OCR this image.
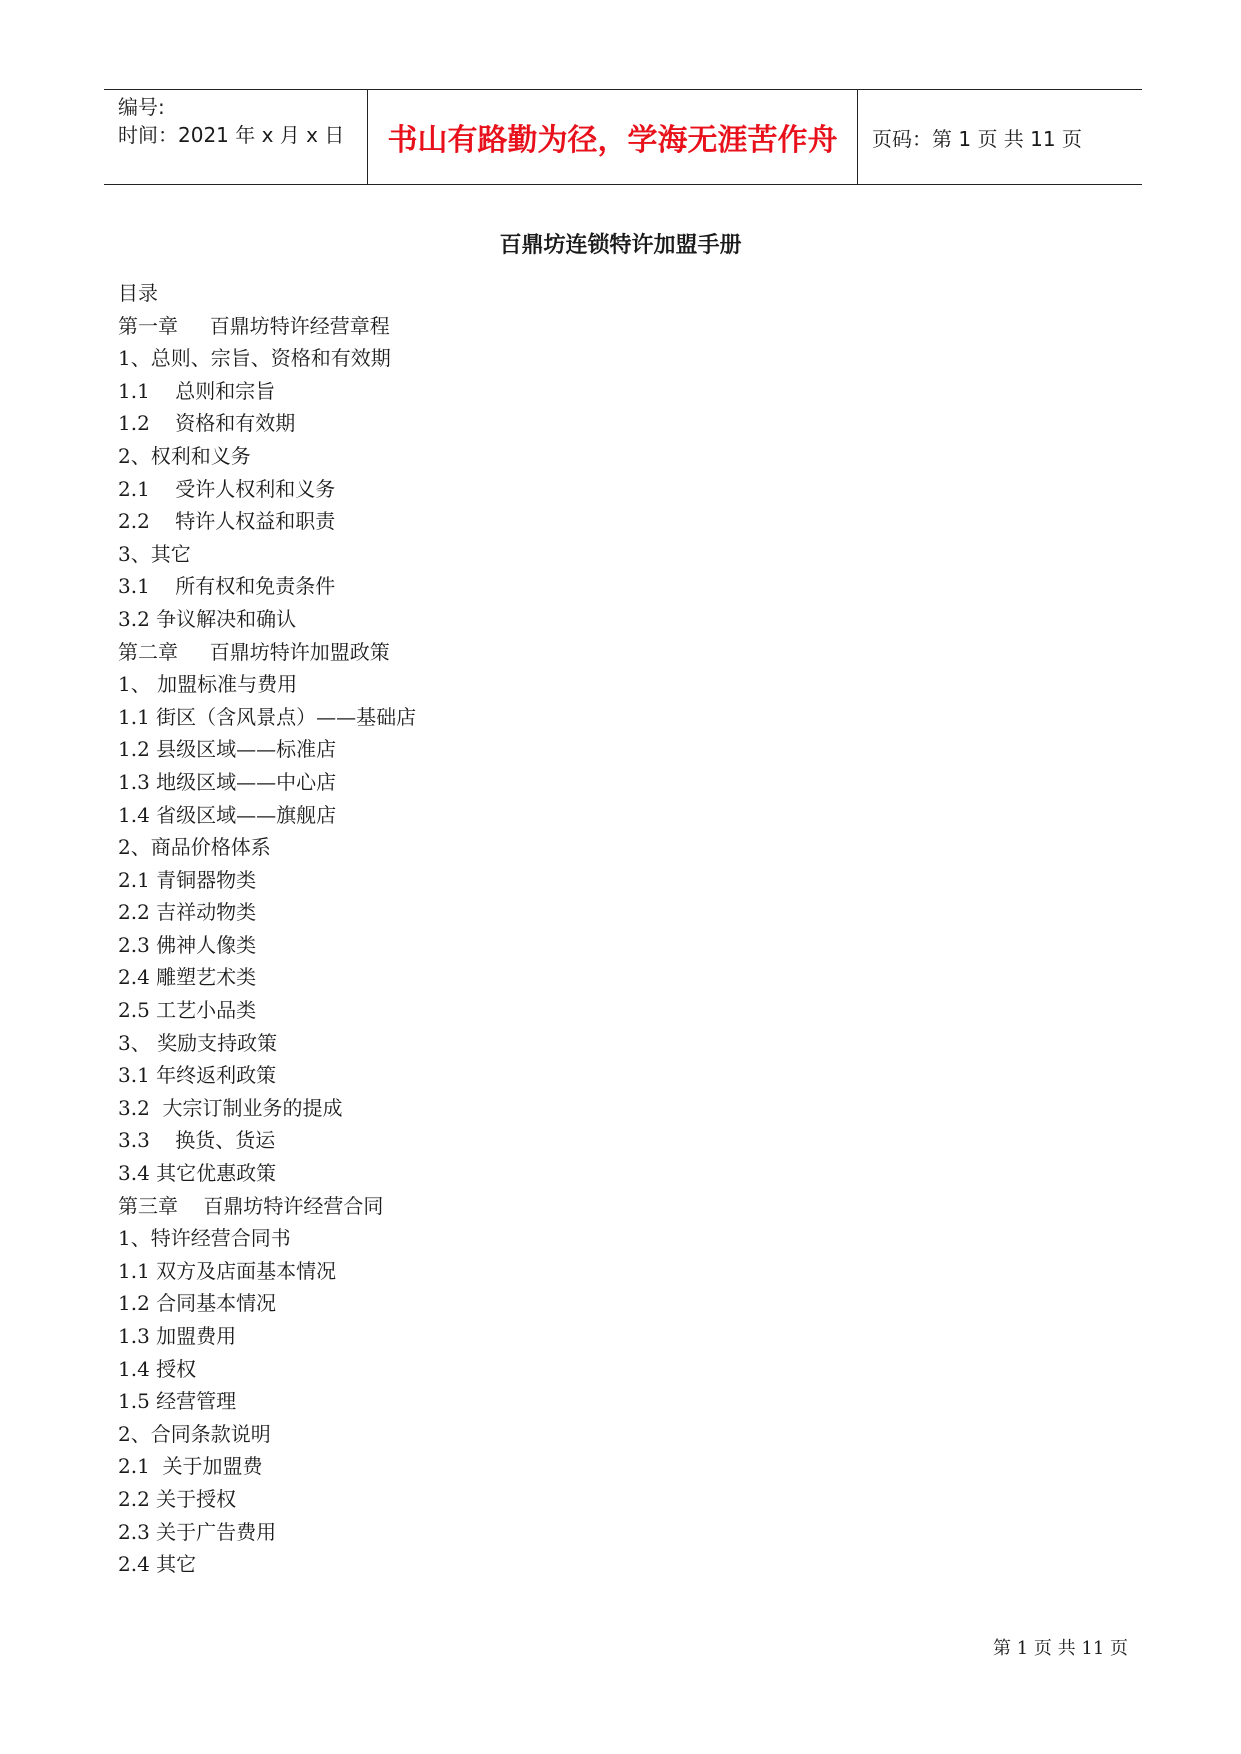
编号:
时间：2021 年 x 月 x 日	书山有路勤为径，学海无涯苦作舟	页码：第 1 页 共 11 页
百鼎坊连锁特许加盟手册
目录
第一章     百鼎坊特许经营章程
1、总则、宗旨、资格和有效期
1.1    总则和宗旨
1.2    资格和有效期
2、权利和义务
2.1    受许人权利和义务
2.2    特许人权益和职责
3、其它
3.1    所有权和免责条件
3.2 争议解决和确认
第二章     百鼎坊特许加盟政策
1、 加盟标准与费用
1.1 街区（含风景点）——基础店
1.2 县级区域——标准店
1.3 地级区域——中心店
1.4 省级区域——旗舰店
2、商品价格体系
2.1 青铜器物类
2.2 吉祥动物类
2.3 佛神人像类
2.4 雕塑艺术类
2.5 工艺小品类
3、 奖励支持政策
3.1 年终返利政策
3.2  大宗订制业务的提成
3.3    换货、货运
3.4 其它优惠政策
第三章    百鼎坊特许经营合同
1、特许经营合同书
1.1 双方及店面基本情况
1.2 合同基本情况
1.3 加盟费用
1.4 授权
1.5 经营管理
2、合同条款说明
2.1  关于加盟费
2.2 关于授权
2.3 关于广告费用
2.4 其它
第 1 页 共 11 页
